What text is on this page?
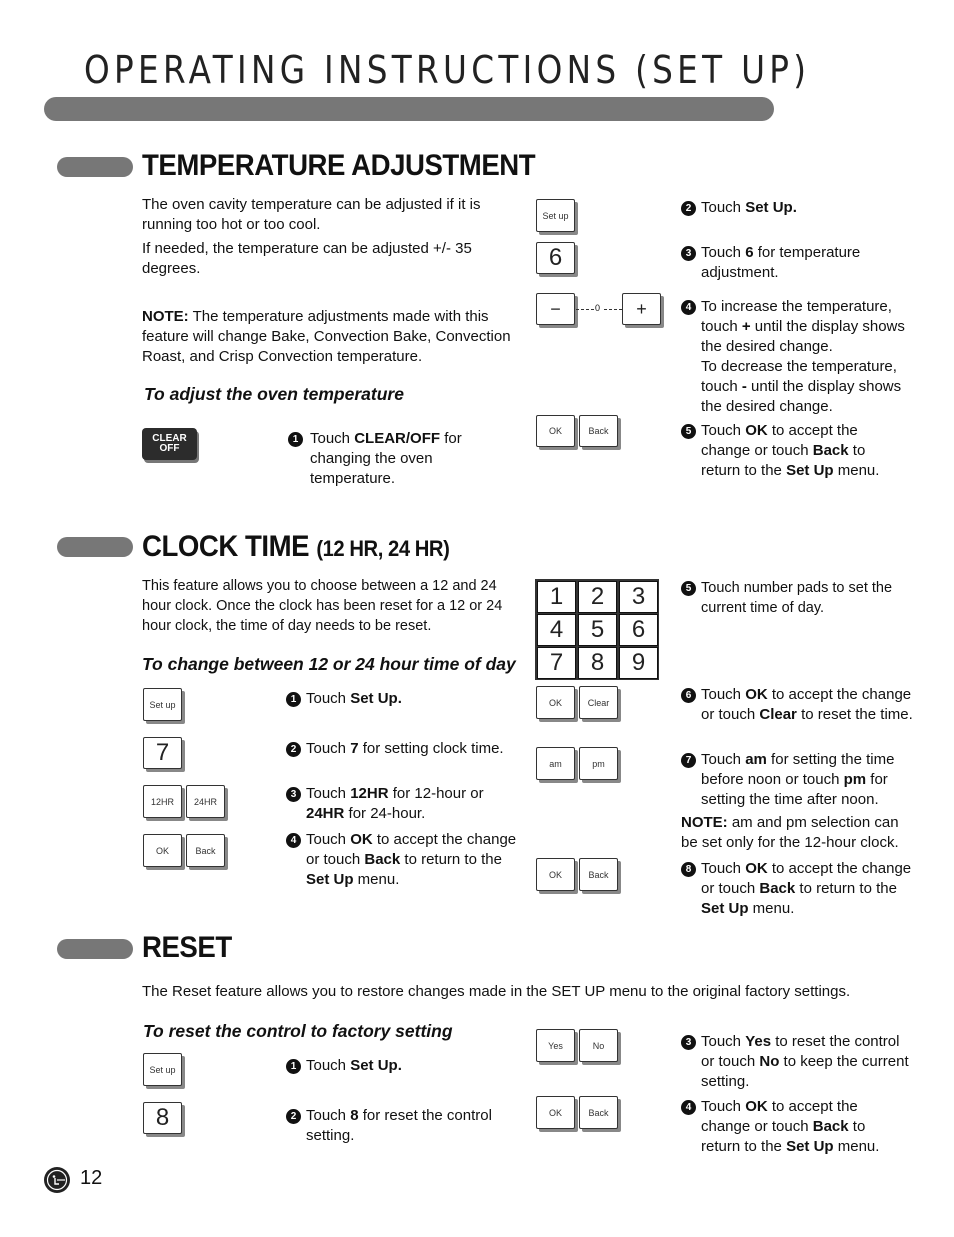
OPERATING INSTRUCTIONS (SET UP)
TEMPERATURE ADJUSTMENT
The oven cavity temperature can be adjusted if it is running too hot or too cool.
If needed, the temperature can be adjusted +/- 35 degrees.
NOTE: The temperature adjustments made with this feature will change Bake, Convection Bake, Convection Roast, and Crisp Convection temperature.
To adjust the oven temperature
CLEAR
OFF
1 Touch CLEAR/OFF for changing the oven temperature.
Set up
6
−	0	+
OK	Back
2 Touch Set Up.
3 Touch 6 for temperature adjustment.
4 To increase the temperature, touch + until the display shows the desired change.
To decrease the temperature, touch - until the display shows the desired change.
5 Touch OK to accept the change or touch Back to return to the Set Up menu.
CLOCK TIME (12 HR, 24 HR)
This feature allows you to choose between a 12 and 24 hour clock. Once the clock has been reset for a 12 or 24 hour clock, the time of day needs to be reset.
To change between 12 or 24 hour time of day
Set up
7
12HR	24HR
OK	Back
1 Touch Set Up.
2 Touch 7 for setting clock time.
3 Touch 12HR for 12-hour or 24HR for 24-hour.
4 Touch OK to accept the change or touch Back to return to the Set Up menu.
1	2	3
4	5	6
7	8	9
OK	Clear
am	pm
OK	Back
5 Touch number pads to set the current time of day.
6 Touch OK to accept the change or touch Clear to reset the time.
7 Touch am for setting the time before noon or touch pm for setting the time after noon.
NOTE: am and pm selection can be set only for the 12-hour clock.
8 Touch OK to accept the change or touch Back to return to the Set Up menu.
RESET
The Reset feature allows you to restore changes made in the SET UP menu to the original factory settings.
To reset the control to factory setting
Set up
8
Yes	No
OK	Back
1 Touch Set Up.
2 Touch 8 for reset the control setting.
3 Touch Yes to reset the control or touch No to keep the current setting.
4 Touch OK to accept the change or touch Back to return to the Set Up menu.
12
